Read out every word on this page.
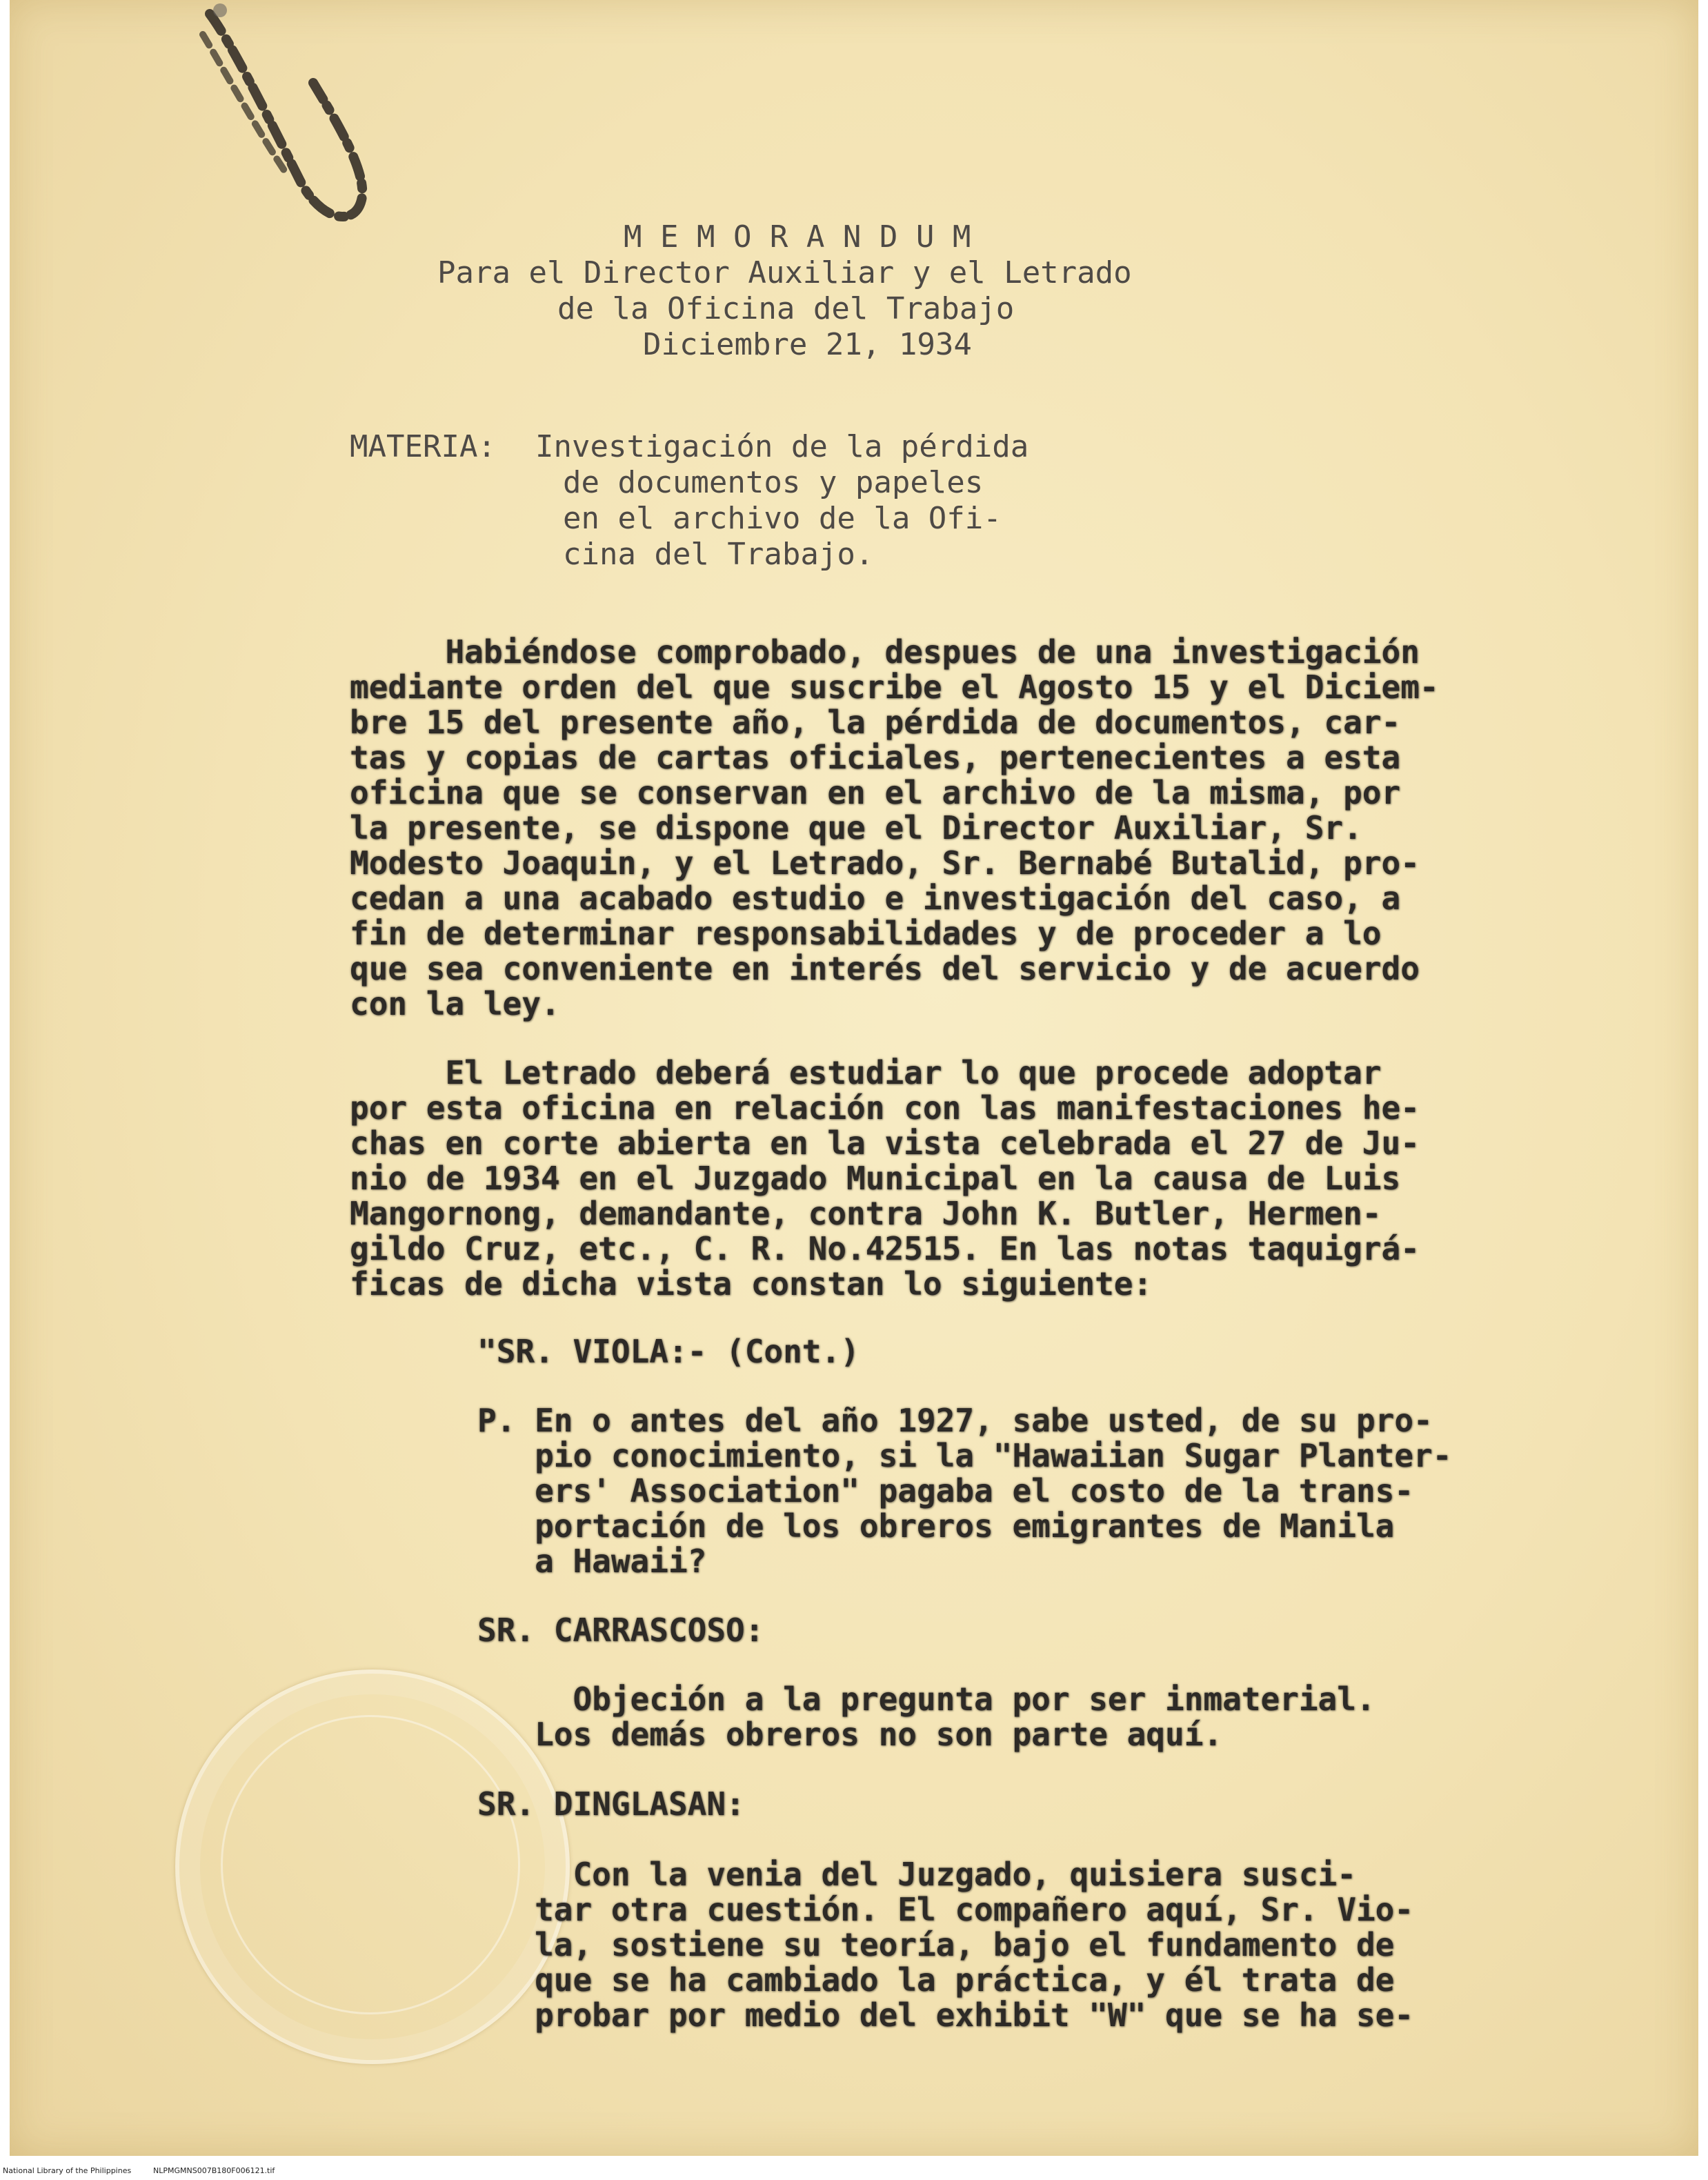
M E M O R A N D U M
Para el Director Auxiliar y el Letrado
de la Oficina del Trabajo
Diciembre 21, 1934
MATERIA: Investigación de la pérdida
de documentos y papeles
en el archivo de la Ofi-
cina del Trabajo.
Habiéndose comprobado, despues de una investigación
mediante orden del que suscribe el Agosto 15 y el Diciem-
bre 15 del presente año, la pérdida de documentos, car-
tas y copias de cartas oficiales, pertenecientes a esta
oficina que se conservan en el archivo de la misma, por
la presente, se dispone que el Director Auxiliar, Sr.
Modesto Joaquin, y el Letrado, Sr. Bernabé Butalid, pro-
cedan a una acabado estudio e investigación del caso, a
fin de determinar responsabilidades y de proceder a lo
que sea conveniente en interés del servicio y de acuerdo
con la ley.
El Letrado deberá estudiar lo que procede adoptar
por esta oficina en relación con las manifestaciones he-
chas en corte abierta en la vista celebrada el 27 de Ju-
nio de 1934 en el Juzgado Municipal en la causa de Luis
Mangornong, demandante, contra John K. Butler, Hermen-
gildo Cruz, etc., C. R. No.42515. En las notas taquigrá-
ficas de dicha vista constan lo siguiente:
"SR. VIOLA:- (Cont.)
P. En o antes del año 1927, sabe usted, de su pro-
pio conocimiento, si la "Hawaiian Sugar Planter-
ers' Association" pagaba el costo de la trans-
portación de los obreros emigrantes de Manila
a Hawaii?
SR. CARRASCOSO:
Objeción a la pregunta por ser inmaterial.
Los demás obreros no son parte aquí.
SR. DINGLASAN:
Con la venia del Juzgado, quisiera susci-
tar otra cuestión. El compañero aquí, Sr. Vio-
la, sostiene su teoría, bajo el fundamento de
que se ha cambiado la práctica, y él trata de
probar por medio del exhibit "W" que se ha se-
National Library of the Philippines	NLPMGMNS007B180F006121.tif
